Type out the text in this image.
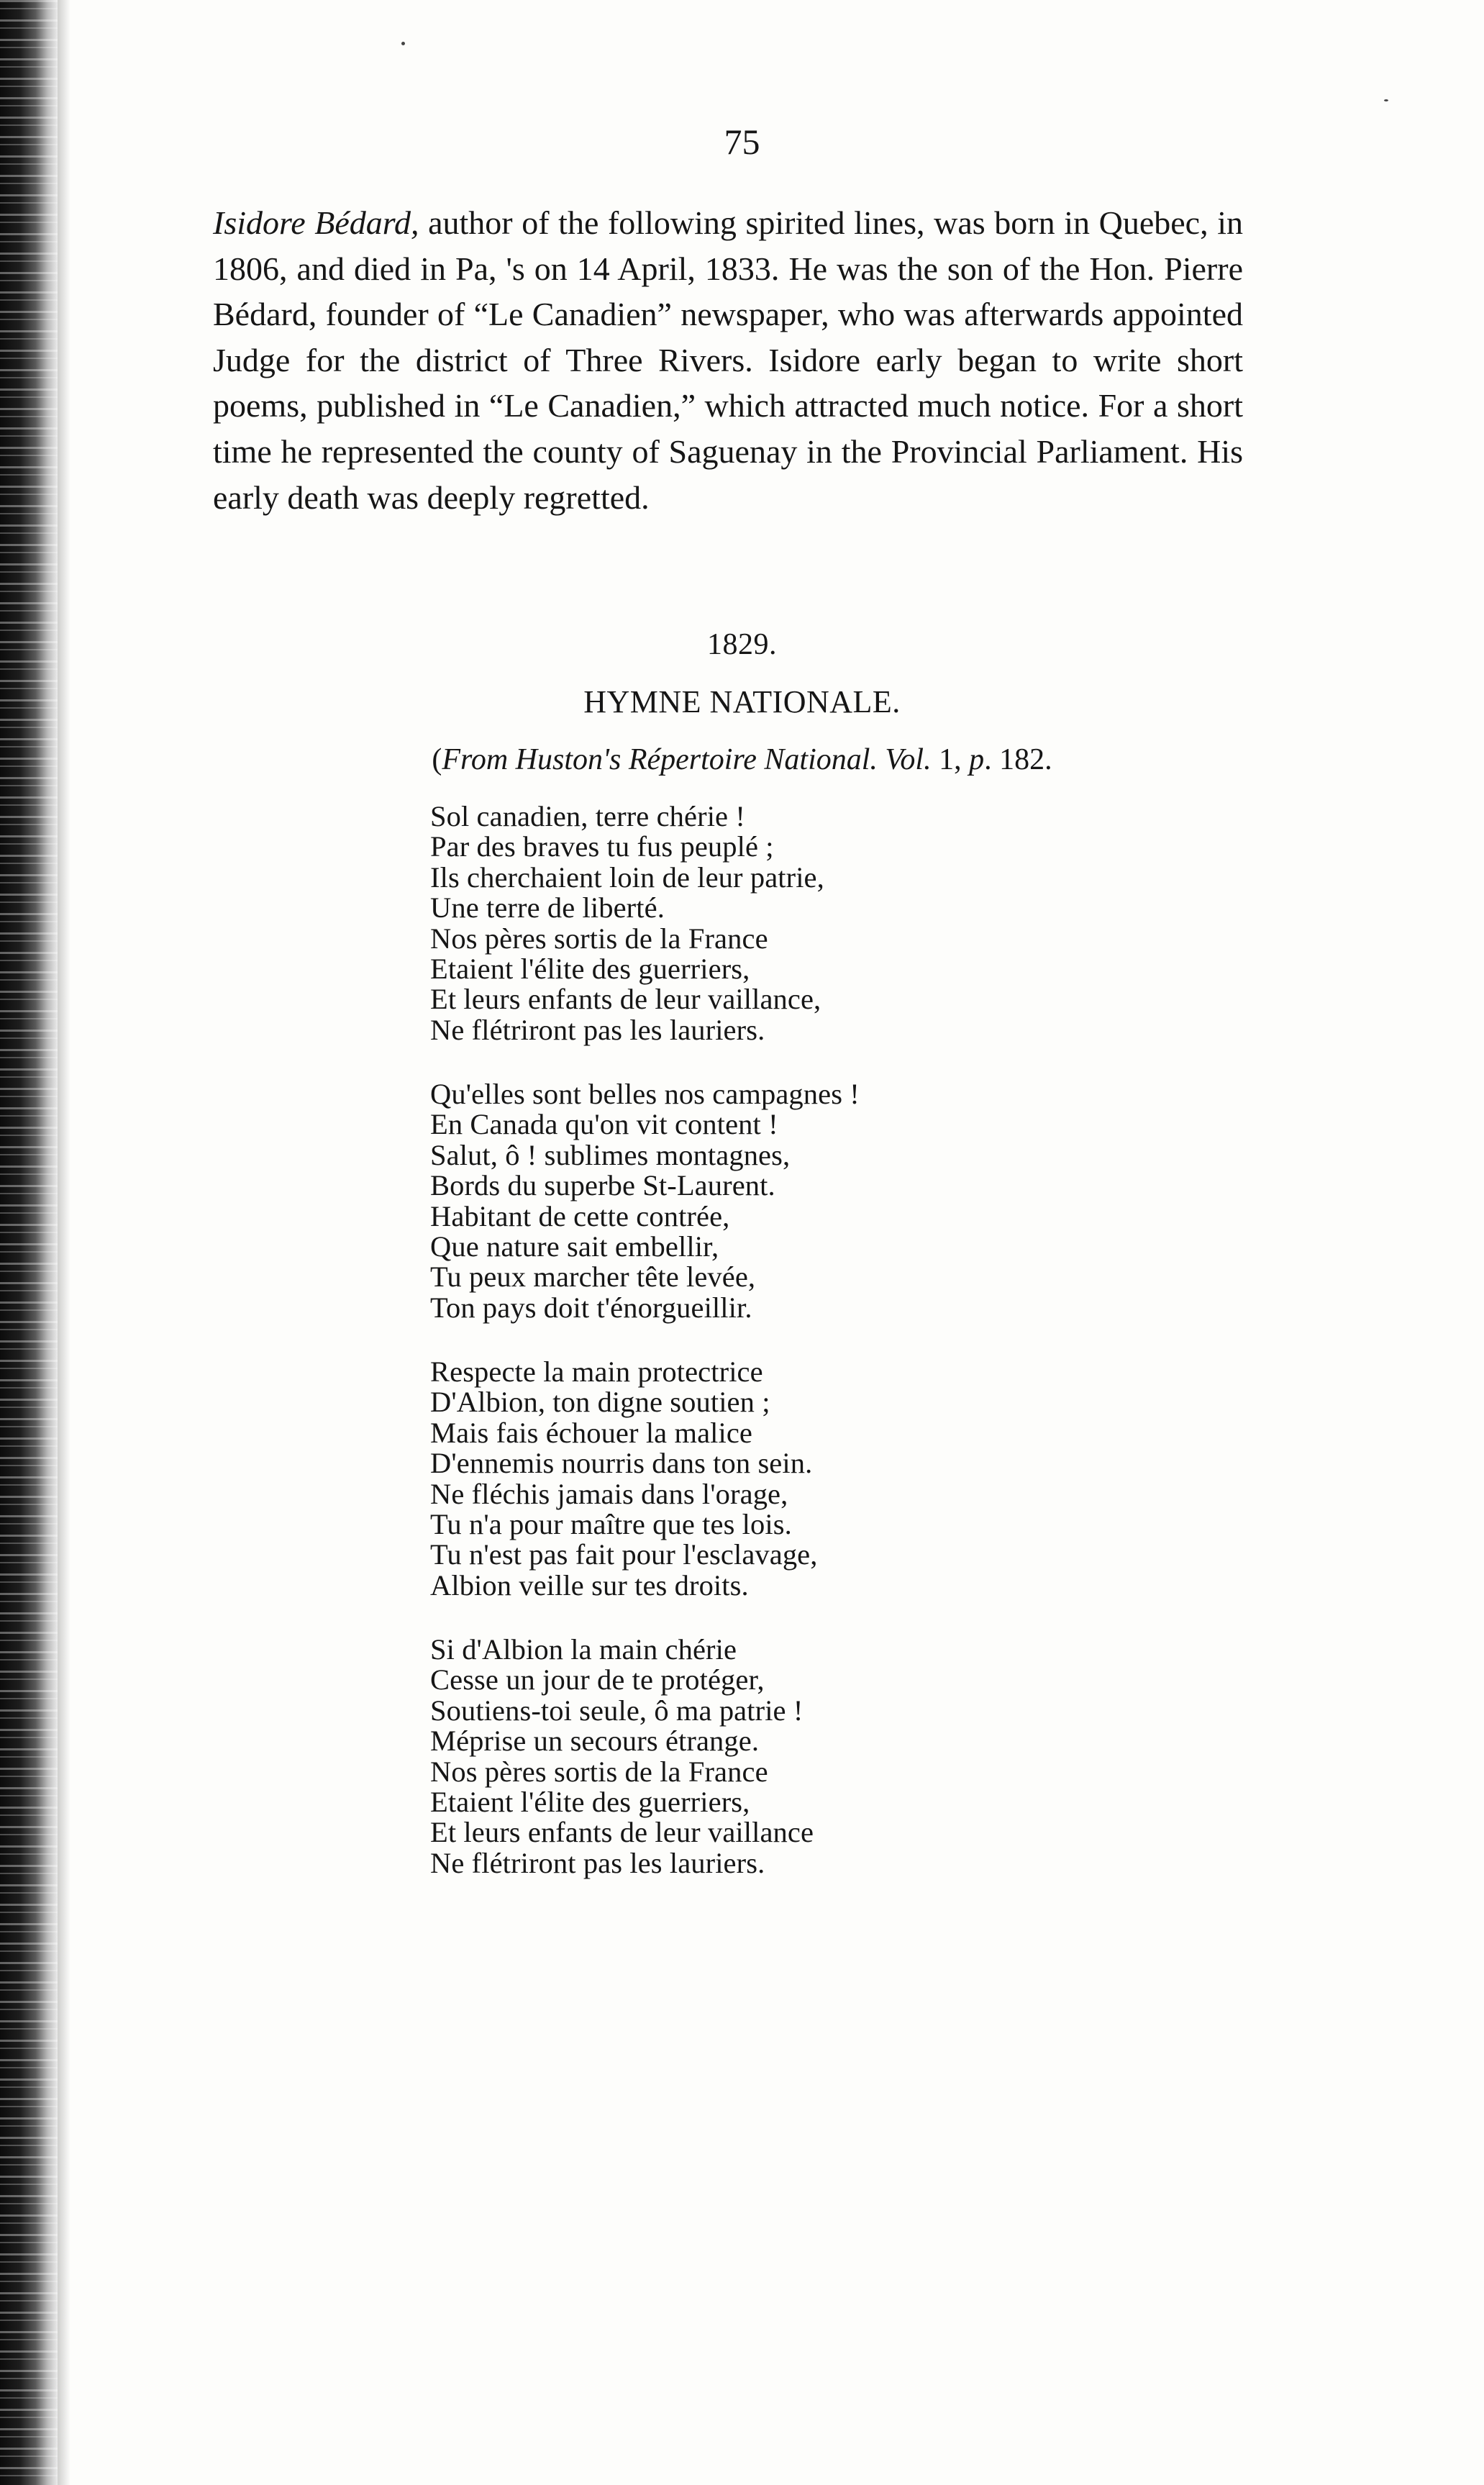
75

Isidore Bédard, author of the following spirited lines, was born in Quebec, in 1806, and died in Pa, 's on 14 April, 1833. He was the son of the Hon. Pierre Bédard, founder of “Le Canadien” newspaper, who was afterwards appointed Judge for the district of Three Rivers. Isidore early began to write short poems, published in “Le Canadien,” which attracted much notice. For a short time he represented the county of Saguenay in the Provincial Parliament. His early death was deeply regretted.

1829.
HYMNE NATIONALE.
(From Huston's Répertoire National. Vol. 1, p. 182.
Sol canadien, terre chérie !
Par des braves tu fus peuplé ;
Ils cherchaient loin de leur patrie,
Une terre de liberté.
Nos pères sortis de la France
Etaient l'élite des guerriers,
Et leurs enfants de leur vaillance,
Ne flétriront pas les lauriers.
Qu'elles sont belles nos campagnes !
En Canada qu'on vit content !
Salut, ô ! sublimes montagnes,
Bords du superbe St-Laurent.
Habitant de cette contrée,
Que nature sait embellir,
Tu peux marcher tête levée,
Ton pays doit t'énorgueillir.
Respecte la main protectrice
D'Albion, ton digne soutien ;
Mais fais échouer la malice
D'ennemis nourris dans ton sein.
Ne fléchis jamais dans l'orage,
Tu n'a pour maître que tes lois.
Tu n'est pas fait pour l'esclavage,
Albion veille sur tes droits.
Si d'Albion la main chérie
Cesse un jour de te protéger,
Soutiens-toi seule, ô ma patrie !
Méprise un secours étrange.
Nos pères sortis de la France
Etaient l'élite des guerriers,
Et leurs enfants de leur vaillance
Ne flétriront pas les lauriers.
